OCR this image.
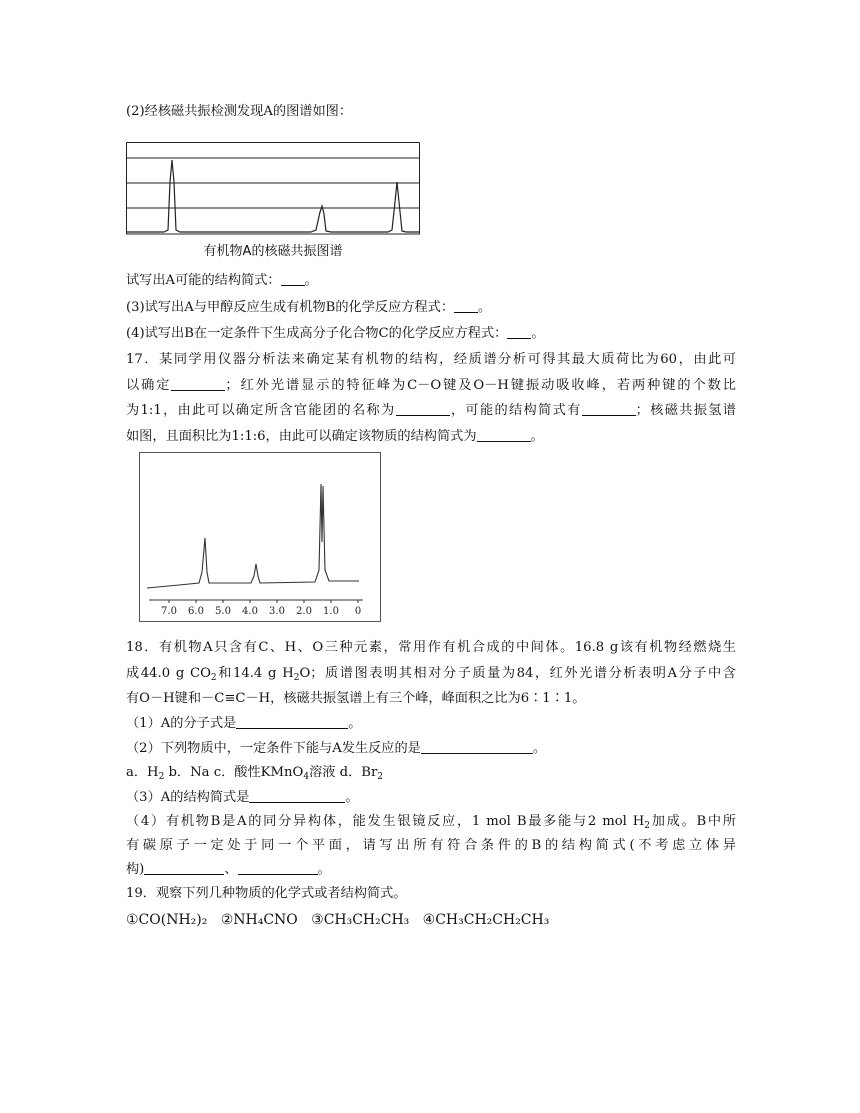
(2)经核磁共振检测发现A的图谱如图：
有机物A的核磁共振图谱
试写出A可能的结构简式： 。
(3)试写出A与甲醇反应生成有机物B的化学反应方程式： 。
(4)试写出B在一定条件下生成高分子化合物C的化学反应方程式： 。
17．某同学用仪器分析法来确定某有机物的结构，经质谱分析可得其最大质荷比为60，由此可
以确定	；红外光谱显示的特征峰为C－O键及O－H键振动吸收峰，若两种键的个数比
为1:1，由此可以确定所含官能团的名称为	，可能的结构简式有	；核磁共振氢谱
如图，且面积比为1:1:6，由此可以确定该物质的结构简式为	。
7.0 6.0 5.0 4.0 3.0 2.0 1.0 0
18．有机物A只含有C、H、O三种元素，常用作有机合成的中间体。16.8 g该有机物经燃烧生
成44.0 g $CO_2$和14.4 g $H_2O$；质谱图表明其相对分子质量为84，红外光谱分析表明A分子中含
有O－H键和－C≡C－H，核磁共振氢谱上有三个峰，峰面积之比为6∶1∶1。
（1）A的分子式是	。
（2）下列物质中，一定条件下能与A发生反应的是	。
a．$H_2$ b．Na c．酸性KMnO$_4$溶液 d．$Br_2$
（3）A的结构简式是	。
（4）有机物B是A的同分异构体，能发生银镜反应，1 mol B最多能与2 mol $H_2$加成。B中所
有碳原子一定处于同一个平面，请写出所有符合条件的B的结构简式(不考虑立体异
构)	、	。
19．观察下列几种物质的化学式或者结构简式。
①CO(NH₂)₂ ②NH₄CNO ③CH₃CH₂CH₃ ④CH₃CH₂CH₂CH₃
